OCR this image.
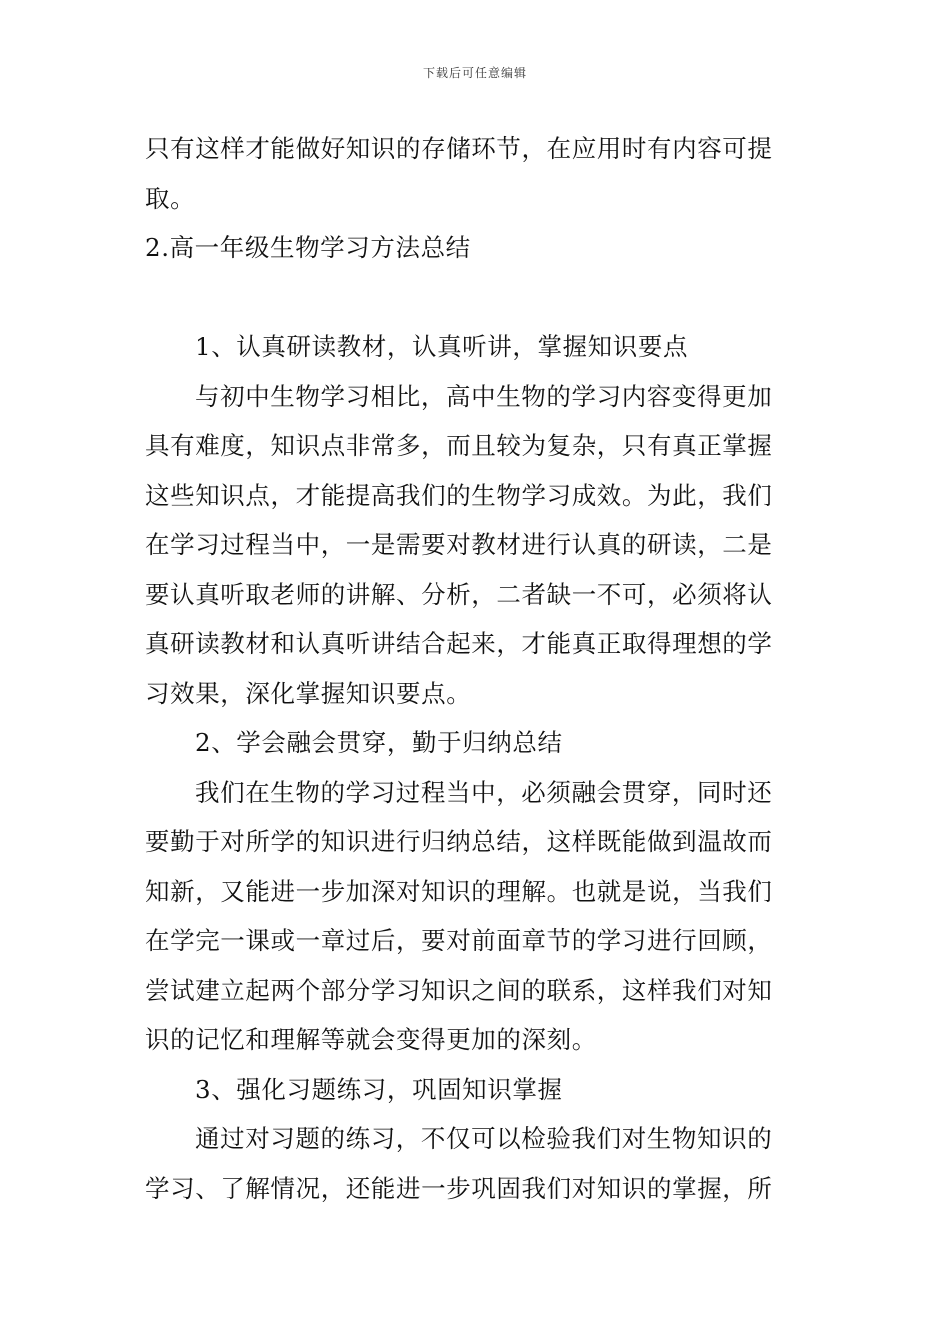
下载后可任意编辑
只有这样才能做好知识的存储环节，在应用时有内容可提
取。
2.高一年级生物学习方法总结
1、认真研读教材，认真听讲，掌握知识要点
与初中生物学习相比，高中生物的学习内容变得更加
具有难度，知识点非常多，而且较为复杂，只有真正掌握
这些知识点，才能提高我们的生物学习成效。为此，我们
在学习过程当中，一是需要对教材进行认真的研读，二是
要认真听取老师的讲解、分析，二者缺一不可，必须将认
真研读教材和认真听讲结合起来，才能真正取得理想的学
习效果，深化掌握知识要点。
2、学会融会贯穿，勤于归纳总结
我们在生物的学习过程当中，必须融会贯穿，同时还
要勤于对所学的知识进行归纳总结，这样既能做到温故而
知新，又能进一步加深对知识的理解。也就是说，当我们
在学完一课或一章过后，要对前面章节的学习进行回顾，
尝试建立起两个部分学习知识之间的联系，这样我们对知
识的记忆和理解等就会变得更加的深刻。
3、强化习题练习，巩固知识掌握
通过对习题的练习，不仅可以检验我们对生物知识的
学习、了解情况，还能进一步巩固我们对知识的掌握，所
